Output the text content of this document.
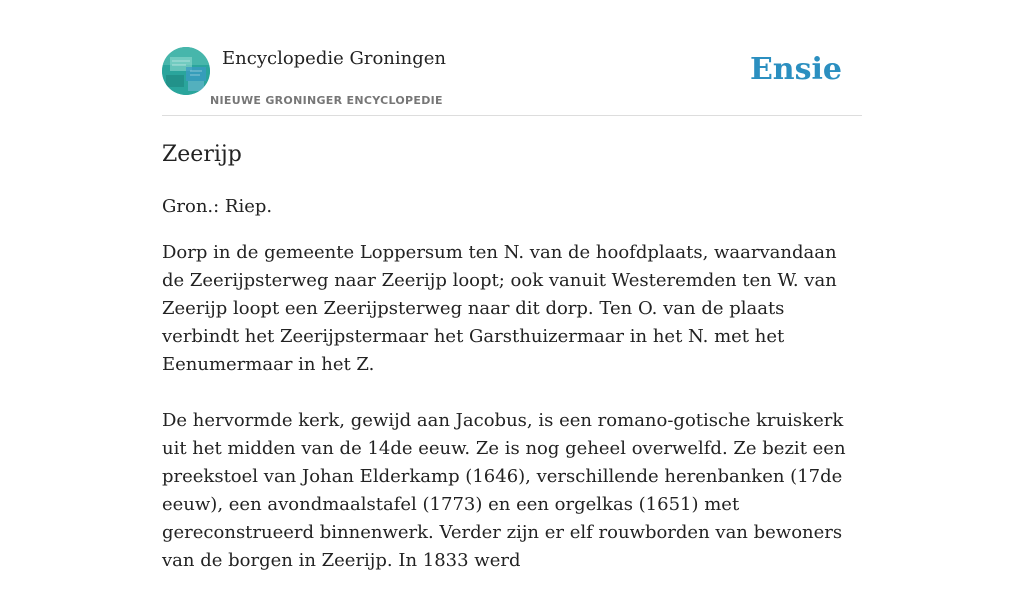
Encyclopedie Groningen
NIEUWE GRONINGER ENCYCLOPEDIE
Ensie
Zeerijp

Gron.: Riep.

Dorp in de gemeente Loppersum ten N. van de hoofdplaats, waarvandaan de Zeerijpsterweg naar Zeerijp loopt; ook vanuit Westeremden ten W. van Zeerijp loopt een Zeerijpsterweg naar dit dorp. Ten O. van de plaats verbindt het Zeerijpstermaar het Garsthuizermaar in het N. met het Eenumermaar in het Z.

De hervormde kerk, gewijd aan Jacobus, is een romano-gotische kruiskerk uit het midden van de 14de eeuw. Ze is nog geheel overwelfd. Ze bezit een preekstoel van Johan Elderkamp (1646), verschillende herenbanken (17de eeuw), een avondmaalstafel (1773) en een orgelkas (1651) met gereconstrueerd binnenwerk. Verder zijn er elf rouwborden van bewoners van de borgen in Zeerijp. In 1833 werd
